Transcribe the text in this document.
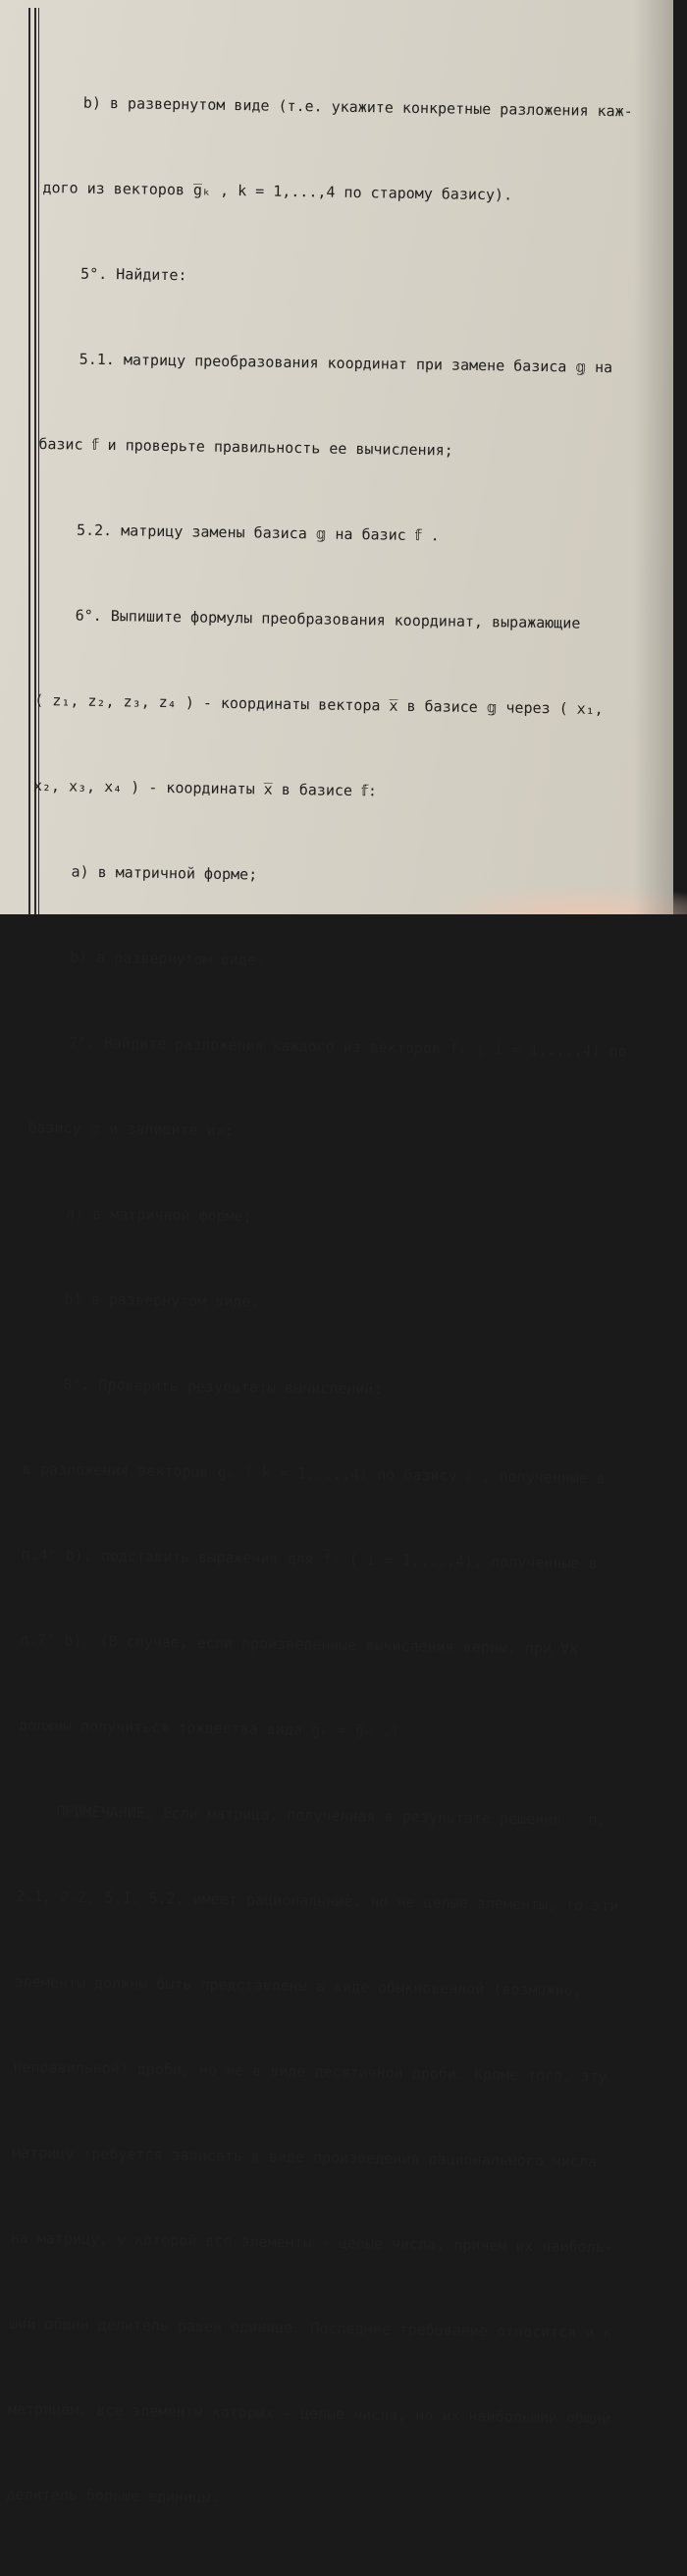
b) в развернутом виде (т.е. укажите конкретные разложения каж-

дого из векторов g̅ₖ , k = 1,...,4 по старому базису).

5°. Найдите:

5.1. матрицу преобразования координат при замене базиса 𝕘 на

базис 𝕗 и проверьте правильность ее вычисления;

5.2. матрицу замены базиса 𝕘 на базис 𝕗 .

6°. Выпишите формулы преобразования координат, выражающие

( z₁, z₂, z₃, z₄ ) - координаты вектора x̅ в базисе 𝕘 через ( x₁,

x₂, x₃, x₄ ) - координаты x̅ в базисе 𝕗:

а) в матричной форме;

b) в развернутом виде.

7°. Найдите разложения каждого из векторов f̅ᵢ ( i = 1,...,4) по

базису 𝕘 и запишите их:

а) в матричной форме;

b) в развернутом виде.

8°. Проверить результаты вычислений:

в разложения векторов g̅ₖ ( k = 1,...,4) по базису 𝕗 , полученные в

п.4° b), подставить выражения для f̅ᵢ ( i = 1,...,4), полученные в

п.7° b). (В случае, если произведенные вычисления верны, при ∀k

должны получиться тождества вида g̅ₖ = g̅ₖ .)

ПРИМЕЧАНИЕ. Если матрица, полученная в результате решения   п.

2.1, 2.2, 5.1, 5.2, имеет рациональные, но не целые элементы, то эти

элементы должны быть представлены в виде обыкновенной (возможно,

неправильной) дроби, но не в виде десятичной дроби. Кроме того, эту

матрицу требуется записать в виде произведения рационального числа

на матрицу, у которой все элементы - целые числа, причем их наиболь-

ший общий делитель равен единице. Последнее требование относится и к

матрицам, все элементы которых - целые числа, но их наибольший общий

делитель больше единицы.
